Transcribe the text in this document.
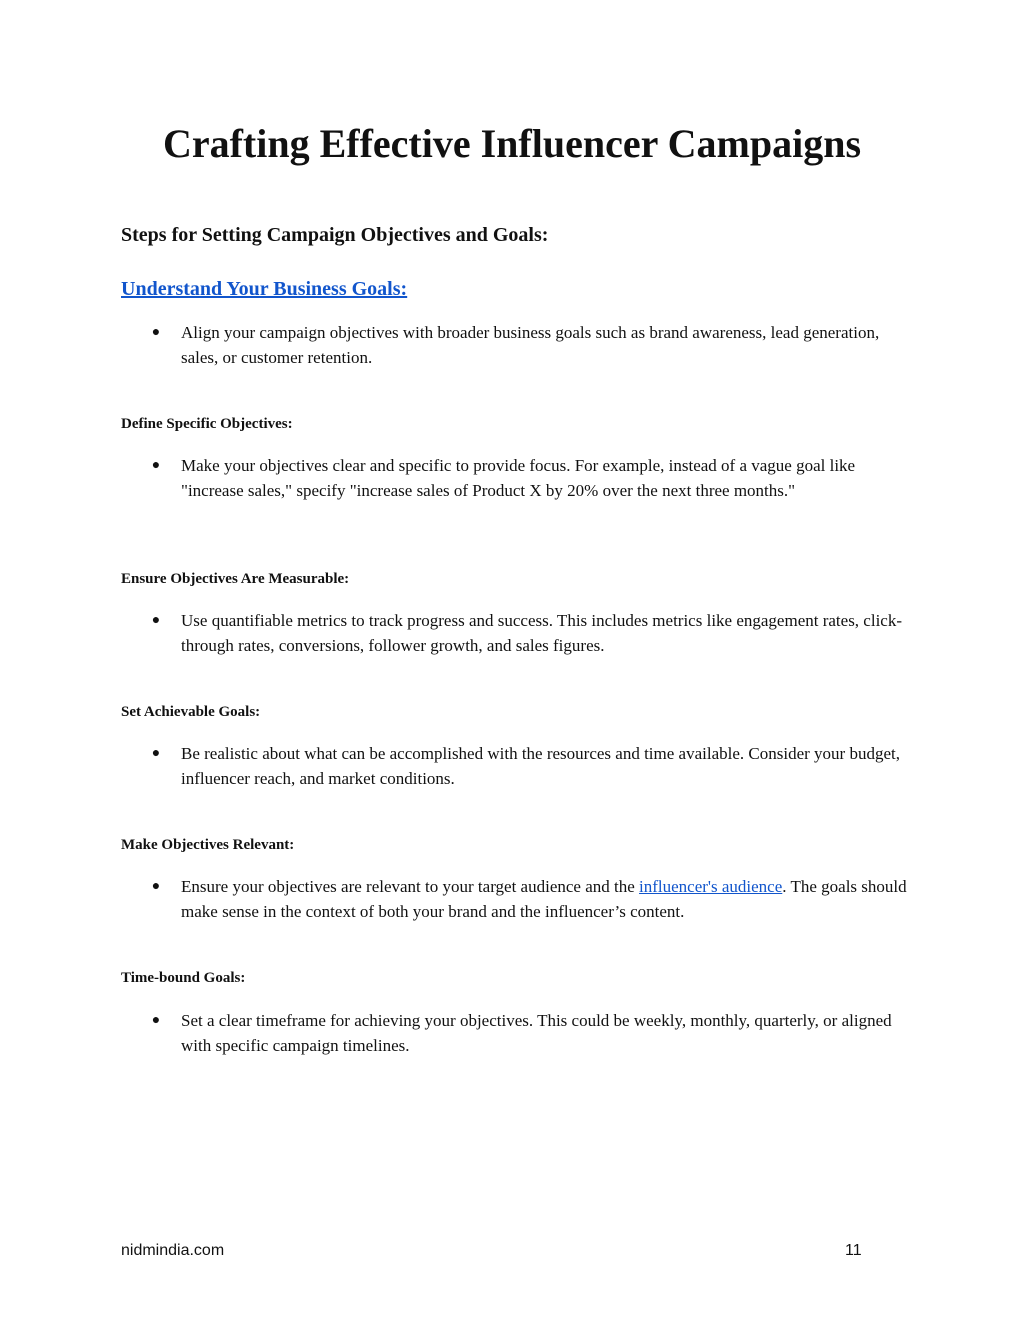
Crafting Effective Influencer Campaigns
Steps for Setting Campaign Objectives and Goals:
Understand Your Business Goals:
●	Align your campaign objectives with broader business goals such as brand awareness, lead generation, sales, or customer retention.
Define Specific Objectives:
●	Make your objectives clear and specific to provide focus. For example, instead of a vague goal like "increase sales," specify "increase sales of Product X by 20% over the next three months."
Ensure Objectives Are Measurable:
●	Use quantifiable metrics to track progress and success. This includes metrics like engagement rates, click-through rates, conversions, follower growth, and sales figures.
Set Achievable Goals:
●	Be realistic about what can be accomplished with the resources and time available. Consider your budget, influencer reach, and market conditions.
Make Objectives Relevant:
●	Ensure your objectives are relevant to your target audience and the influencer's audience. The goals should make sense in the context of both your brand and the influencer’s content.
Time-bound Goals:
●	Set a clear timeframe for achieving your objectives. This could be weekly, monthly, quarterly, or aligned with specific campaign timelines.
nidmindia.com	11
